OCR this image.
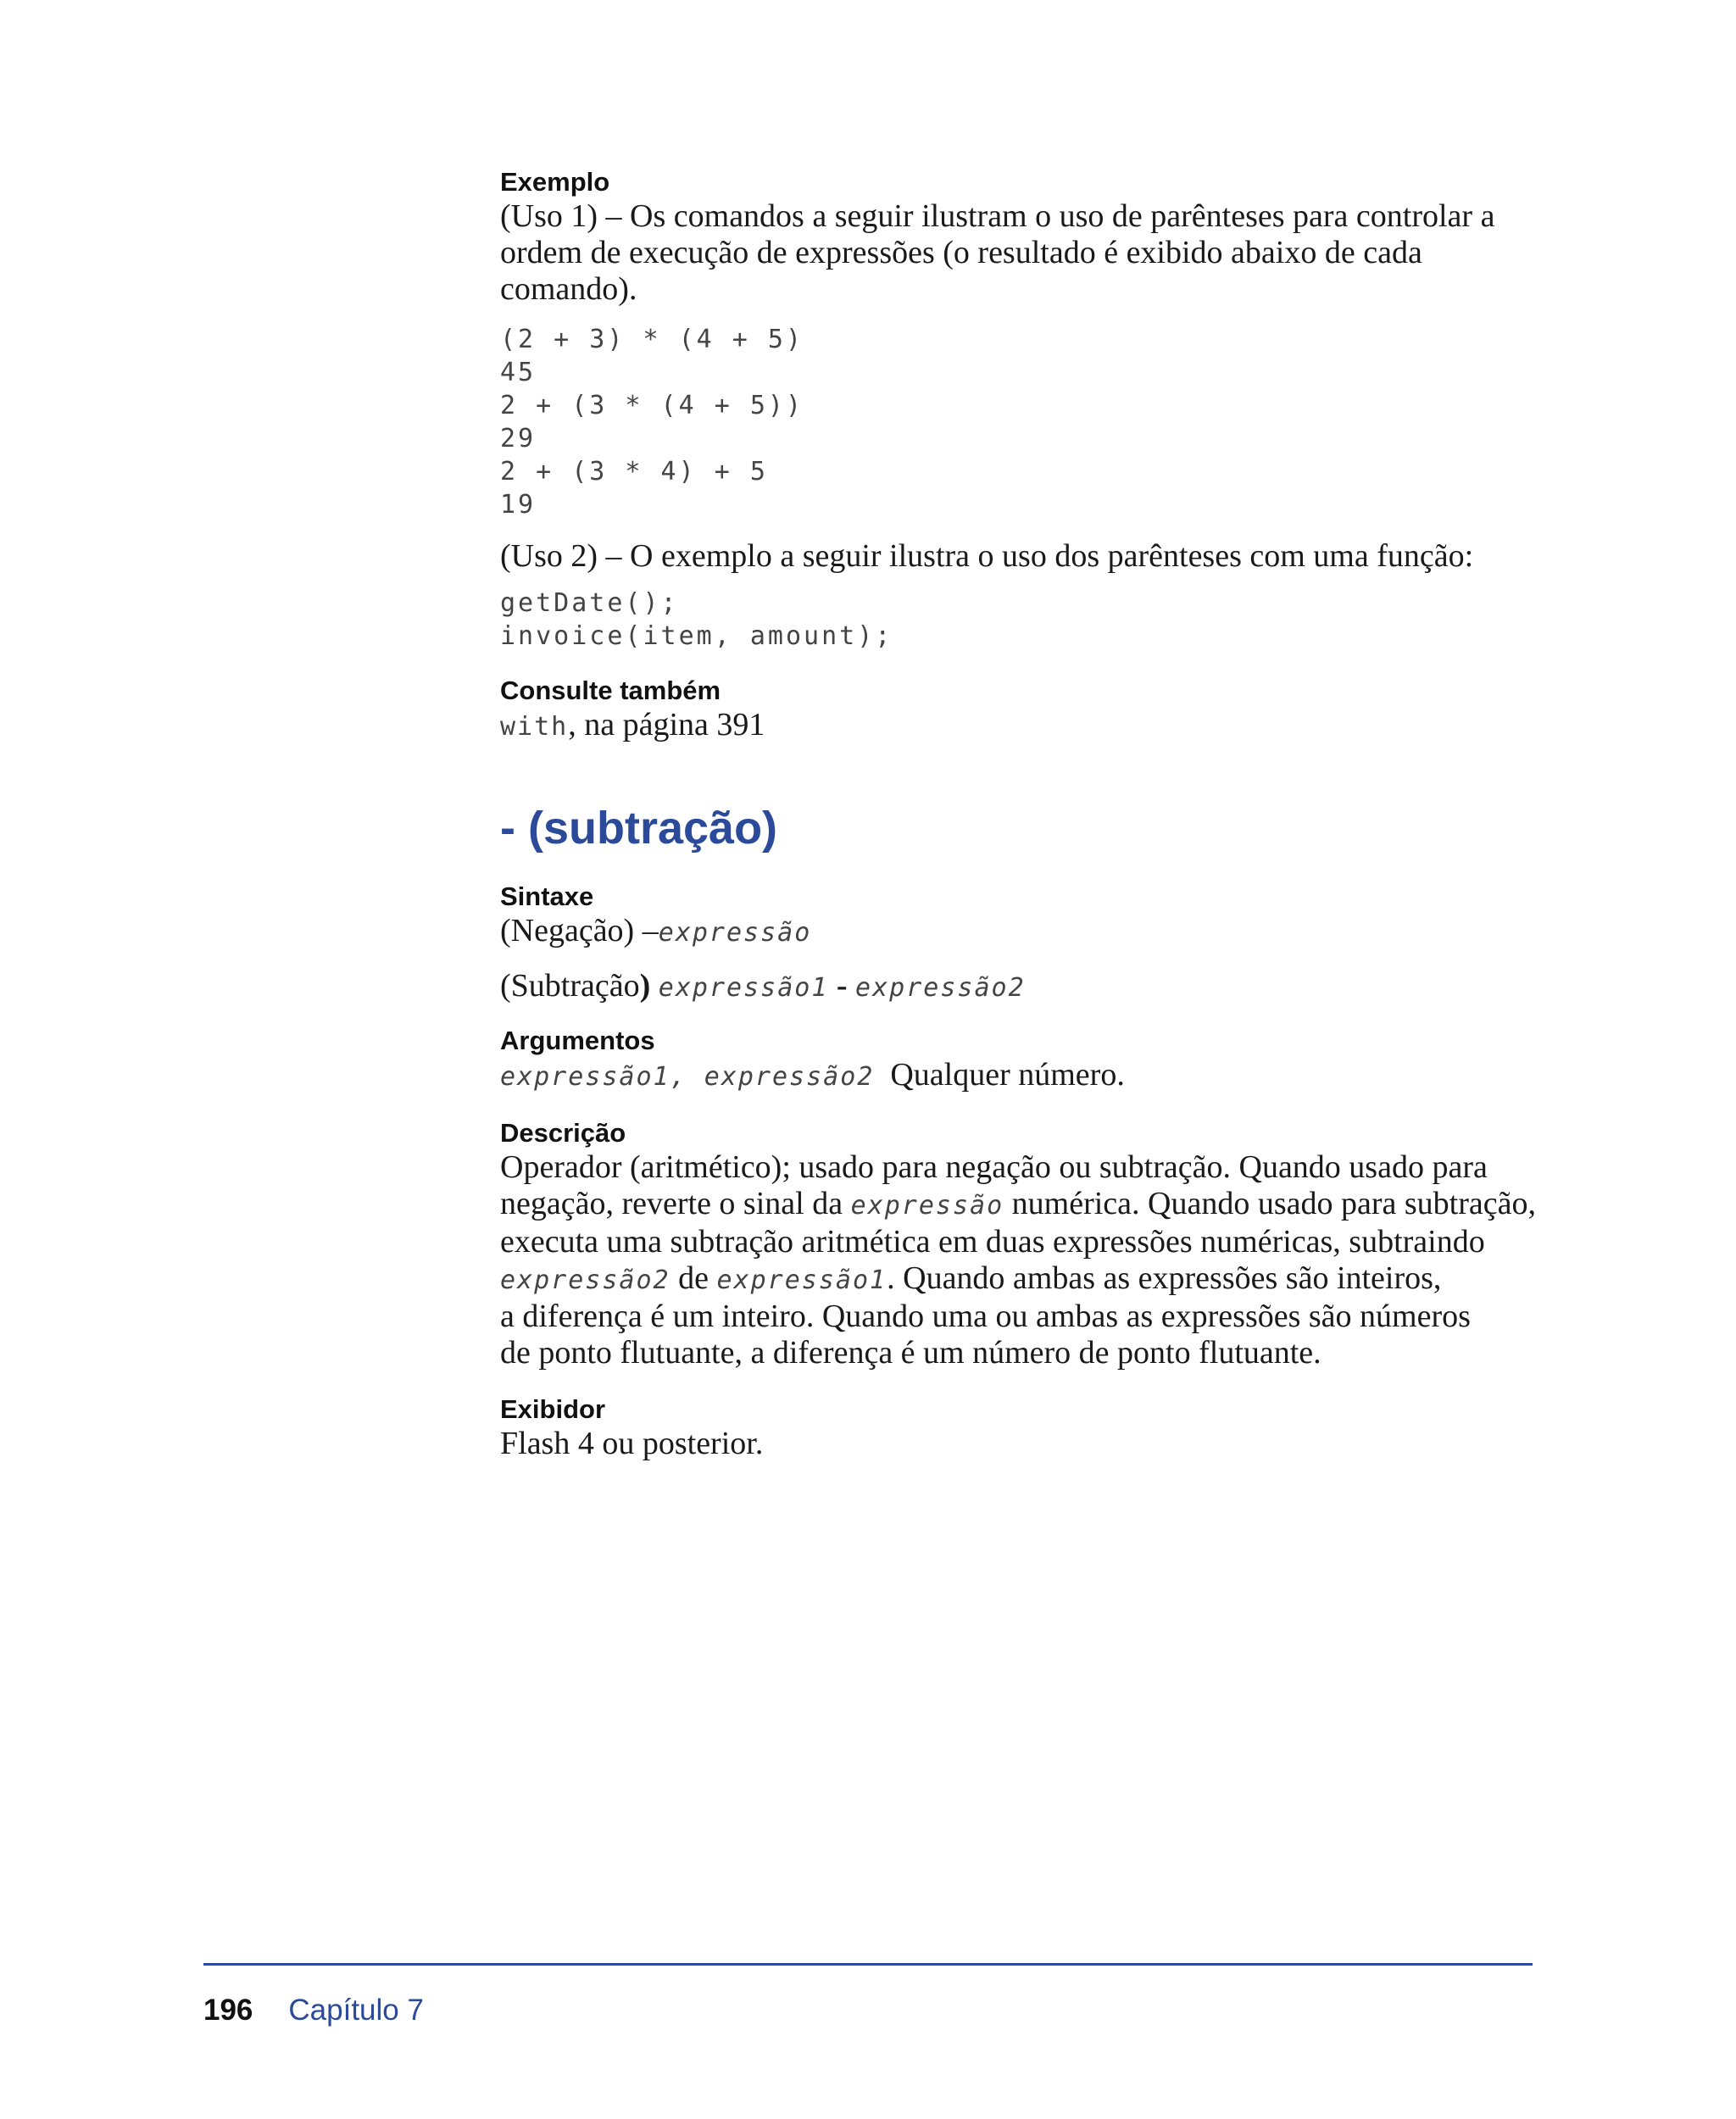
Exemplo

(Uso 1) – Os comandos a seguir ilustram o uso de parênteses para controlar a

ordem de execução de expressões (o resultado é exibido abaixo de cada comando).

(2 + 3) * (4 + 5)

45

2 + (3 * (4 + 5))

29

2 + (3 * 4) + 5

19

(Uso 2) – O exemplo a seguir ilustra o uso dos parênteses com uma função:

getDate();

invoice(item, amount);

Consulte também

with, na página 391

- (subtração)

Sintaxe

(Negação) –expressão

(Subtração) expressão1 - expressão2

Argumentos

expressão1, expressão2 Qualquer número.

Descrição

Operador (aritmético); usado para negação ou subtração. Quando usado para

negação, reverte o sinal da expressão numérica. Quando usado para subtração,

executa uma subtração aritmética em duas expressões numéricas, subtraindo

expressão2 de expressão1. Quando ambas as expressões são inteiros,

a diferença é um inteiro. Quando uma ou ambas as expressões são números

de ponto flutuante, a diferença é um número de ponto flutuante.

Exibidor

Flash 4 ou posterior.

196 Capítulo 7
